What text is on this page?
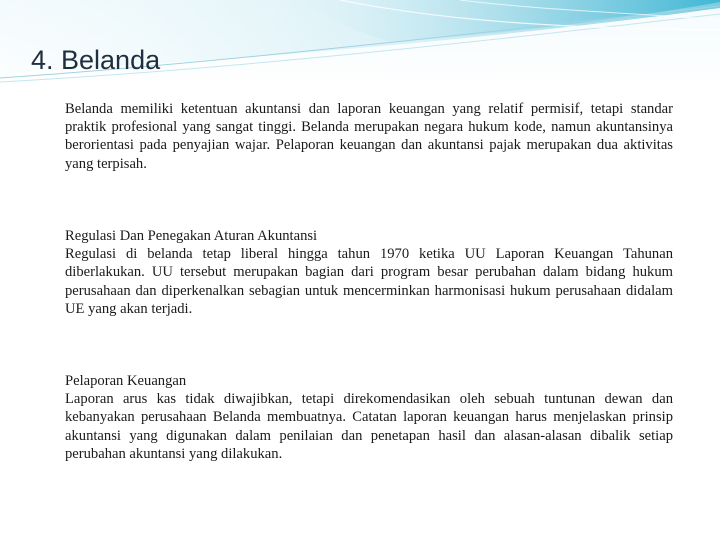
4. Belanda

Belanda memiliki ketentuan akuntansi dan laporan keuangan yang relatif permisif, tetapi standar praktik profesional yang sangat tinggi. Belanda merupakan negara hukum kode, namun akuntansinya berorientasi pada penyajian wajar. Pelaporan keuangan dan akuntansi pajak merupakan dua aktivitas yang terpisah.

Regulasi Dan Penegakan Aturan Akuntansi

Regulasi di belanda tetap liberal hingga tahun 1970 ketika UU Laporan Keuangan Tahunan diberlakukan. UU tersebut merupakan bagian dari program besar perubahan dalam bidang hukum perusahaan dan diperkenalkan sebagian untuk mencerminkan harmonisasi hukum perusahaan didalam UE yang akan terjadi.

Pelaporan Keuangan

Laporan arus kas tidak diwajibkan, tetapi direkomendasikan oleh sebuah tuntunan dewan dan kebanyakan perusahaan Belanda membuatnya. Catatan laporan keuangan harus menjelaskan prinsip akuntansi yang digunakan dalam penilaian dan penetapan hasil dan alasan-alasan dibalik setiap perubahan akuntansi yang dilakukan.
